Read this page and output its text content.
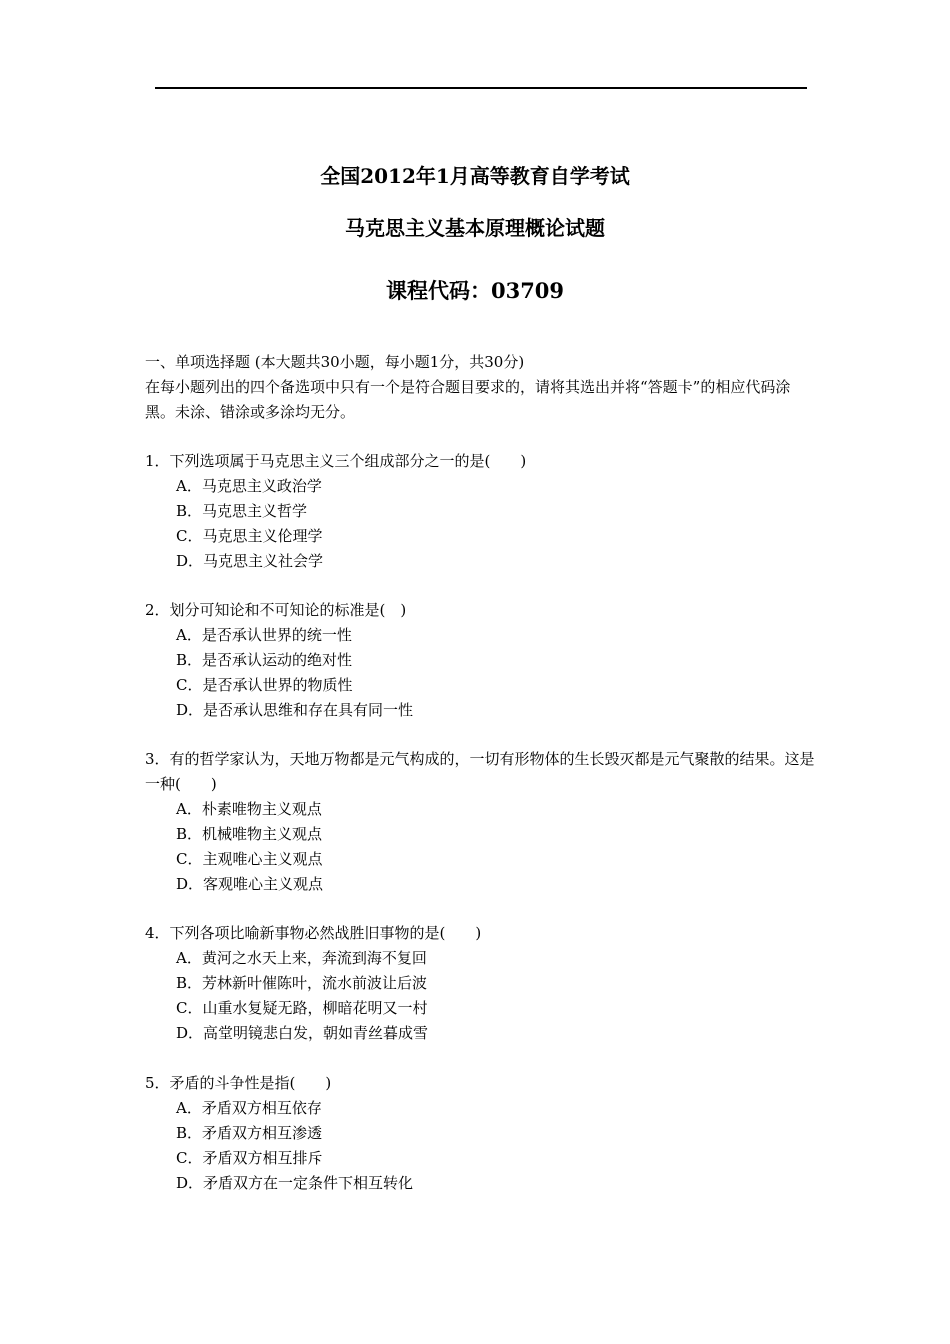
全国2012年1月高等教育自学考试
马克思主义基本原理概论试题
课程代码：03709
一、单项选择题 (本大题共30小题，每小题1分，共30分)
在每小题列出的四个备选项中只有一个是符合题目要求的，请将其选出并将“答题卡”的相应代码涂黑。未涂、错涂或多涂均无分。

1．下列选项属于马克思主义三个组成部分之一的是(　　)

A．马克思主义政治学
B．马克思主义哲学
C．马克思主义伦理学
D．马克思主义社会学

2．划分可知论和不可知论的标准是(　)

A．是否承认世界的统一性
B．是否承认运动的绝对性
C．是否承认世界的物质性
D．是否承认思维和存在具有同一性

3．有的哲学家认为，天地万物都是元气构成的，一切有形物体的生长毁灭都是元气聚散的结果。这是一种(　　)

A．朴素唯物主义观点
B．机械唯物主义观点
C．主观唯心主义观点
D．客观唯心主义观点

4．下列各项比喻新事物必然战胜旧事物的是(　　)

A．黄河之水天上来，奔流到海不复回
B．芳林新叶催陈叶，流水前波让后波
C．山重水复疑无路，柳暗花明又一村
D．高堂明镜悲白发，朝如青丝暮成雪

5．矛盾的斗争性是指(　　)

A．矛盾双方相互依存
B．矛盾双方相互渗透
C．矛盾双方相互排斥
D．矛盾双方在一定条件下相互转化
